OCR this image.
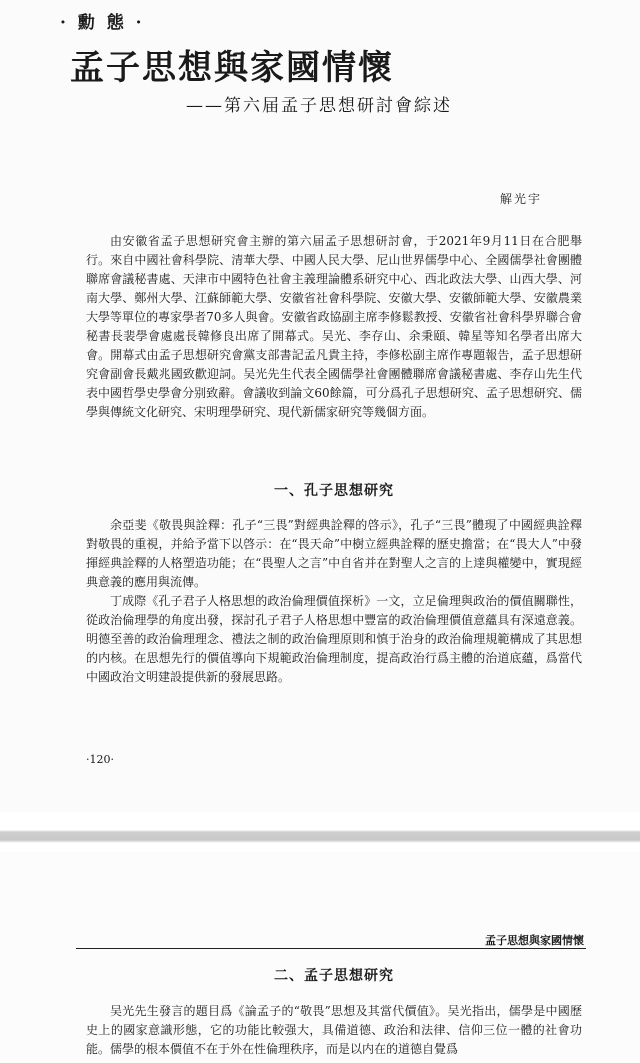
· 勳 態 ·
孟子思想與家國情懷
——第六届孟子思想研討會綜述
解光宇

由安徽省孟子思想研究會主辦的第六届孟子思想研討會，于2021年9月11日在合肥舉行。來自中國社會科學院、清華大學、中國人民大學、尼山世界儒學中心、全國儒學社會團體聯席會議秘書處、天津市中國特色社會主義理論體系研究中心、西北政法大學、山西大學、河南大學、鄭州大學、江蘇師範大學、安徽省社會科學院、安徽大學、安徽師範大學、安徽農業大學等單位的專家學者70多人與會。安徽省政協副主席李修鬆教授、安徽省社會科學界聯合會秘書長裴學會處處長韓修良出席了開幕式。吴光、李存山、余秉頤、韓星等知名學者出席大會。開幕式由孟子思想研究會黨支部書記孟凡貴主持，李修松副主席作專題報告，孟子思想研究會副會長戴兆國致歡迎詞。吴光先生代表全國儒學社會團體聯席會議秘書處、李存山先生代表中國哲學史學會分别致辭。會議收到論文60餘篇，可分爲孔子思想研究、孟子思想研究、儒學與傳統文化研究、宋明理學研究、現代新儒家研究等幾個方面。

一、孔子思想研究

余亞斐《敬畏與詮釋：孔子“三畏”對經典詮釋的啓示》，孔子“三畏”體現了中國經典詮釋對敬畏的重視，并給予當下以啓示：在“畏天命”中樹立經典詮釋的歷史擔當；在“畏大人”中發揮經典詮釋的人格塑造功能；在“畏聖人之言”中自省并在對聖人之言的上達與權變中，實現經典意義的應用與流傳。

丁成際《孔子君子人格思想的政治倫理價值探析》一文，立足倫理與政治的價值關聯性，從政治倫理學的角度出發，探討孔子君子人格思想中豐富的政治倫理價值意蘊具有深遠意義。明德至善的政治倫理理念、禮法之制的政治倫理原則和慎于治身的政治倫理規範構成了其思想的内核。在思想先行的價值導向下規範政治倫理制度，提高政治行爲主體的治道底蘊，爲當代中國政治文明建設提供新的發展思路。

·120·
孟子思想與家國情懷
二、孟子思想研究

吴光先生發言的題目爲《論孟子的“敬畏”思想及其當代價值》。吴光指出，儒學是中國歷史上的國家意識形態，它的功能比較强大，具備道德、政治和法律、信仰三位一體的社會功能。儒學的根本價值不在于外在性倫理秩序，而是以内在的道德自覺爲
